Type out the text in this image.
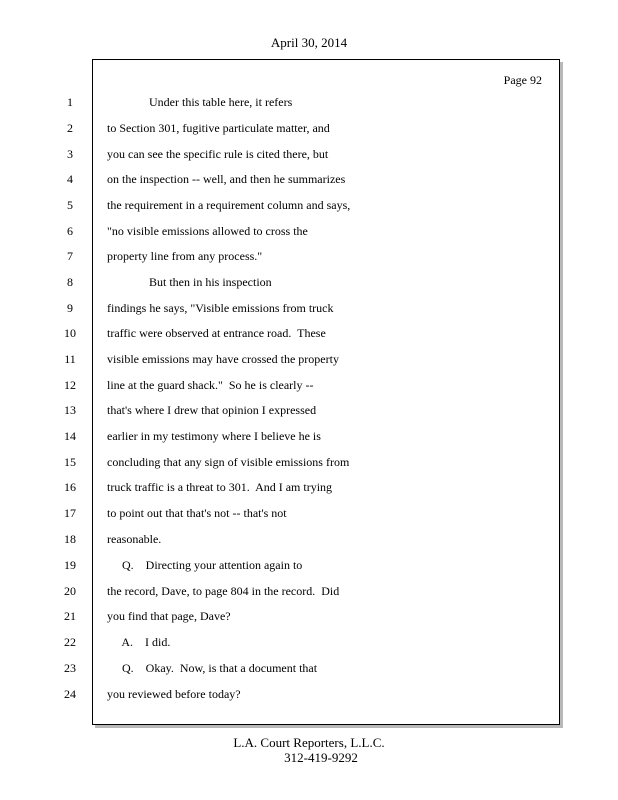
April 30, 2014
Page 92
1	Under this table here, it refers
2	to Section 301, fugitive particulate matter, and
3	you can see the specific rule is cited there, but
4	on the inspection -- well, and then he summarizes
5	the requirement in a requirement column and says,
6	"no visible emissions allowed to cross the
7	property line from any process."
8	But then in his inspection
9	findings he says, "Visible emissions from truck
10	traffic were observed at entrance road.  These
11	visible emissions may have crossed the property
12	line at the guard shack."  So he is clearly --
13	that's where I drew that opinion I expressed
14	earlier in my testimony where I believe he is
15	concluding that any sign of visible emissions from
16	truck traffic is a threat to 301.  And I am trying
17	to point out that that's not -- that's not
18	reasonable.
19	Q.    Directing your attention again to
20	the record, Dave, to page 804 in the record.  Did
21	you find that page, Dave?
22	A.    I did.
23	Q.    Okay.  Now, is that a document that
24	you reviewed before today?
L.A. Court Reporters, L.L.C.
312-419-9292
